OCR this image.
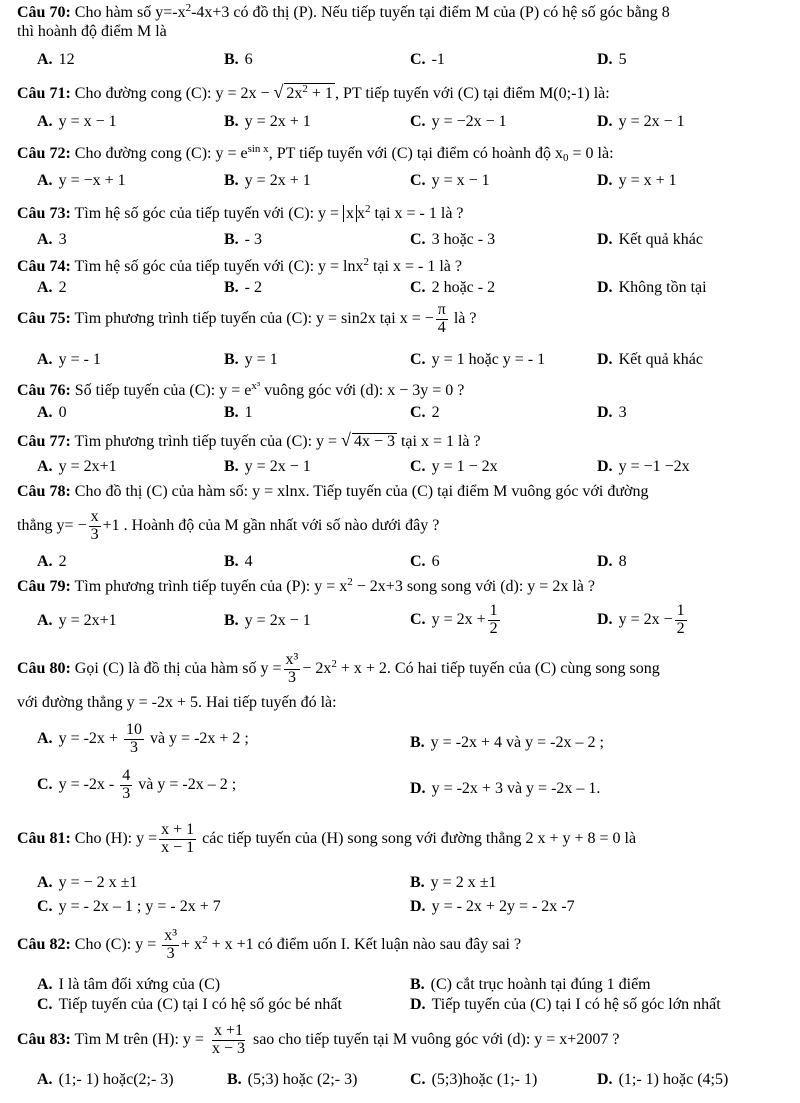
Câu 70: Cho hàm số $y=-x^2-4x+3$ có đồ thị (P). Nếu tiếp tuyến tại điểm M của (P) có hệ số góc bằng 8
thì hoành độ điểm M là
A. 12	B. 6	C. -1	D. 5
Câu 71: Cho đường cong (C): y = 2x − √ $2x^2 + 1$ , PT tiếp tuyến với (C) tại điểm M(0;-1) là:
A. y = x − 1	B. y = 2x + 1	C. y = −2x − 1	D. y = 2x − 1
Câu 72: Cho đường cong (C): $y = e^{sin x}$, PT tiếp tuyến với (C) tại điểm có hoành độ $x_0 = 0$ là:
A. y = −x + 1	B. y = 2x + 1	C. y = x − 1	D. y = x + 1
Câu 73: Tìm hệ số góc của tiếp tuyến với (C): y = x $x^2$ tại x = - 1 là ?
A. 3	B. - 3	C. 3 hoặc - 3	D. Kết quả khác
Câu 74: Tìm hệ số góc của tiếp tuyến với (C): y = lnx$^2$ tại x = - 1 là ?
A. 2	B. - 2	C. 2 hoặc - 2	D. Không tồn tại
Câu 75: Tìm phương trình tiếp tuyến của (C): y = sin2x tại x = − $\frac{\pi}{4}$ là ?
A. y = - 1	B. y = 1	C. y = 1 hoặc y = - 1	D. Kết quả khác
Câu 76: Số tiếp tuyến của (C): $y = e^{x^3}$ vuông góc với (d): x − 3y = 0 ?
A. 0	B. 1	C. 2	D. 3
Câu 77: Tìm phương trình tiếp tuyến của (C): y = √ 4x − 3 tại x = 1 là ?
A. y = 2x+1	B. y = 2x − 1	C. y = 1 − 2x	D. y = −1 −2x
Câu 78: Cho đồ thị (C) của hàm số: y = xlnx. Tiếp tuyến của (C) tại điểm M vuông góc với đường
thẳng $y= - \frac{x}{3} +1$ . Hoành độ của M gần nhất với số nào dưới đây ?
A. 2	B. 4	C. 6	D. 8
Câu 79: Tìm phương trình tiếp tuyến của (P): $y = x^2 - 2x+3$ song song với (d): y = 2x là ?
A. y = 2x+1	B. y = 2x − 1	C. $y = 2x + \frac{1}{2}$	D. $y = 2x - \frac{1}{2}$
Câu 80: Gọi (C) là đồ thị của hàm số $y = \frac{\text{x³}}{3} - 2x^2 + x + 2$. Có hai tiếp tuyến của (C) cùng song song
với đường thẳng y = -2x + 5. Hai tiếp tuyến đó là:
A. $y = -2x + \frac{10}{3}$ và y = -2x + 2 ;	B. y = -2x + 4 và y = -2x – 2 ;
C. $y = -2x - \frac{4}{3}$ và y = -2x – 2 ;	D. y = -2x + 3 và y = -2x – 1.
Câu 81: Cho (H): $y = \frac{x + 1}{x - 1}$ các tiếp tuyến của (H) song song với đường thẳng 2 x + y + 8 = 0 là
A. y = − 2 x ±1	B. y = 2 x ±1
C. y = - 2x – 1 ; y = - 2x + 7	D. y = - 2x + 2y = - 2x -7
Câu 82: Cho (C): $y = \frac{\text{x³}}{3} + x^2 + x +1$ có điểm uốn I. Kết luận nào sau đây sai ?
A. I là tâm đối xứng của (C)	B. (C) cắt trục hoành tại đúng 1 điểm
C. Tiếp tuyến của (C) tại I có hệ số góc bé nhất	D. Tiếp tuyến của (C) tại I có hệ số góc lớn nhất
Câu 83: Tìm M trên (H): $y = \frac{x +1}{x - 3}$ sao cho tiếp tuyến tại M vuông góc với (d): y = x+2007 ?
A. (1;- 1) hoặc(2;- 3)	B. (5;3) hoặc (2;- 3)	C. (5;3)hoặc (1;- 1)	D. (1;- 1) hoặc (4;5)
